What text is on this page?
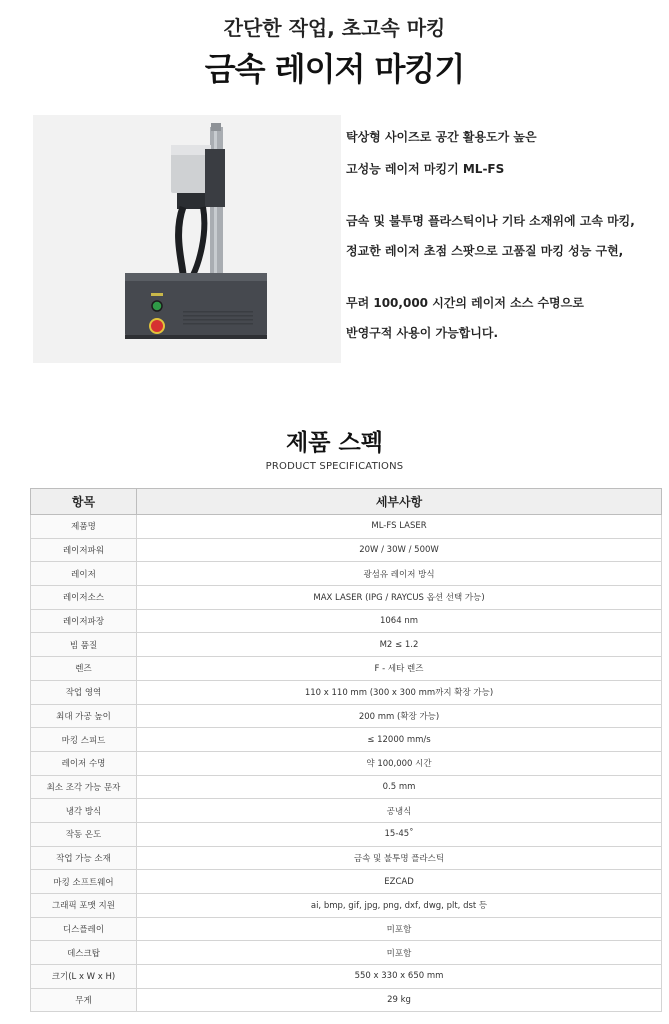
간단한 작업, 초고속 마킹
금속 레이저 마킹기
탁상형 사이즈로 공간 활용도가 높은
고성능 레이저 마킹기 ML-FS
금속 및 불투명 플라스틱이나 기타 소재위에 고속 마킹,
정교한 레이저 초점 스팟으로 고품질 마킹 성능 구현,
무려 100,000 시간의 레이저 소스 수명으로
반영구적 사용이 가능합니다.
제품 스펙
PRODUCT SPECIFICATIONS
항목	세부사항
제품명	ML-FS LASER
레이저파워	20W / 30W / 500W
레이저	광섬유 레이저 방식
레이저소스	MAX LASER (IPG / RAYCUS 옵션 선택 가능)
레이저파장	1064 nm
빔 품질	M2 ≤ 1.2
렌즈	F - 세타 렌즈
작업 영역	110 x 110 mm (300 x 300 mm까지 확장 가능)
최대 가공 높이	200 mm (확장 가능)
마킹 스피드	≤ 12000 mm/s
레이저 수명	약 100,000 시간
최소 조각 가능 문자	0.5 mm
냉각 방식	공냉식
작동 온도	15-45˚
작업 가능 소재	금속 및 불투명 플라스틱
마킹 소프트웨어	EZCAD
그래픽 포맷 지원	ai, bmp, gif, jpg, png, dxf, dwg, plt, dst 등
디스플레이	미포함
데스크탑	미포함
크기(L x W x H)	550 x 330 x 650 mm
무게	29 kg
